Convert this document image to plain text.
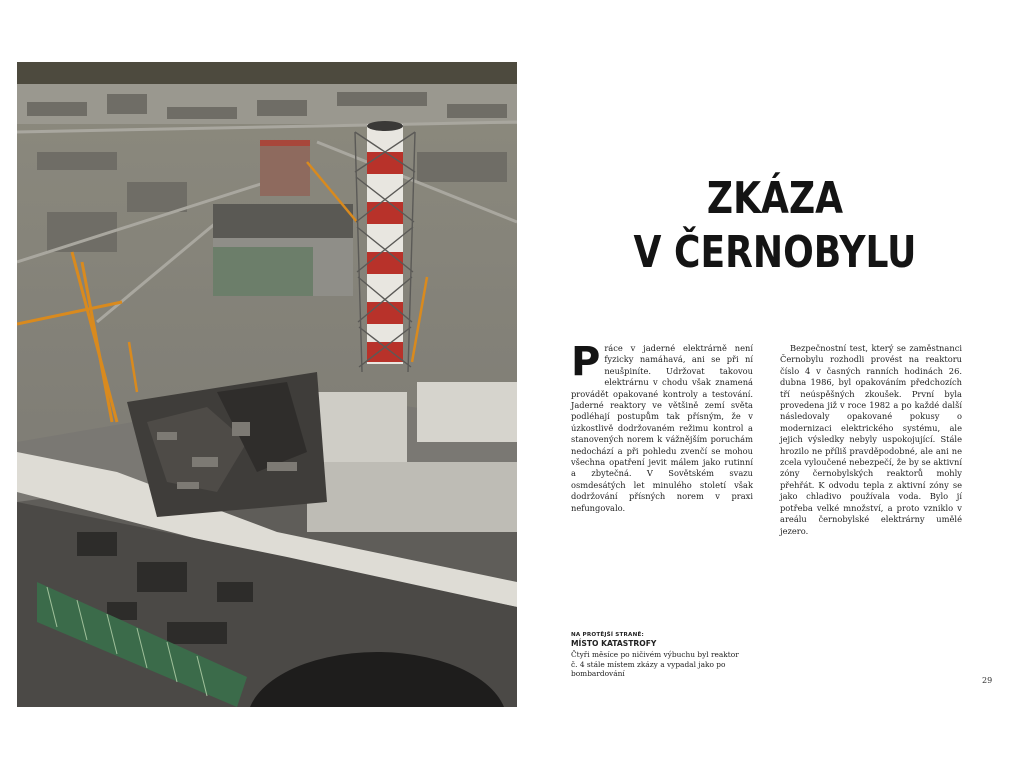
ZKÁZA
V ČERNOBYLU

Práce v jaderné elektrárně není fyzicky namáhavá, ani se při ní neušpiníte. Udržovat takovou elektrárnu v chodu však znamená provádět opakované kontroly a testování. Jaderné reaktory ve většině zemí světa podléhají postupům tak přísným, že v úzkostlivě dodržovaném režimu kontrol a stanovených norem k vážnějším poruchám nedochází a při pohledu zvenčí se mohou všechna opatření jevit málem jako rutinní a zbytečná. V Sovětském svazu osmdesátých let minulého století však dodržování přísných norem v praxi nefungovalo.

Bezpečnostní test, který se zaměstnanci Černobylu rozhodli provést na reaktoru číslo 4 v časných ranních hodinách 26. dubna 1986, byl opakováním předchozích tří neúspěšných zkoušek. První byla provedena již v roce 1982 a po každé další následovaly opakované pokusy o modernizaci elektrického systému, ale jejich výsledky nebyly uspokojující. Stále hrozilo ne příliš pravděpodobné, ale ani ne zcela vyloučené nebezpečí, že by se aktivní zóny černobylských reaktorů mohly přehřát. K odvodu tepla z aktivní zóny se jako chladivo používala voda. Bylo jí potřeba velké množství, a proto vzniklo v areálu černobylské elektrárny umělé jezero.

NA PROTĚJŠÍ STRANĚ:
MÍSTO KATASTROFY
Čtyři měsíce po ničivém výbuchu byl reaktor č. 4 stále místem zkázy a vypadal jako po bombardování
29
